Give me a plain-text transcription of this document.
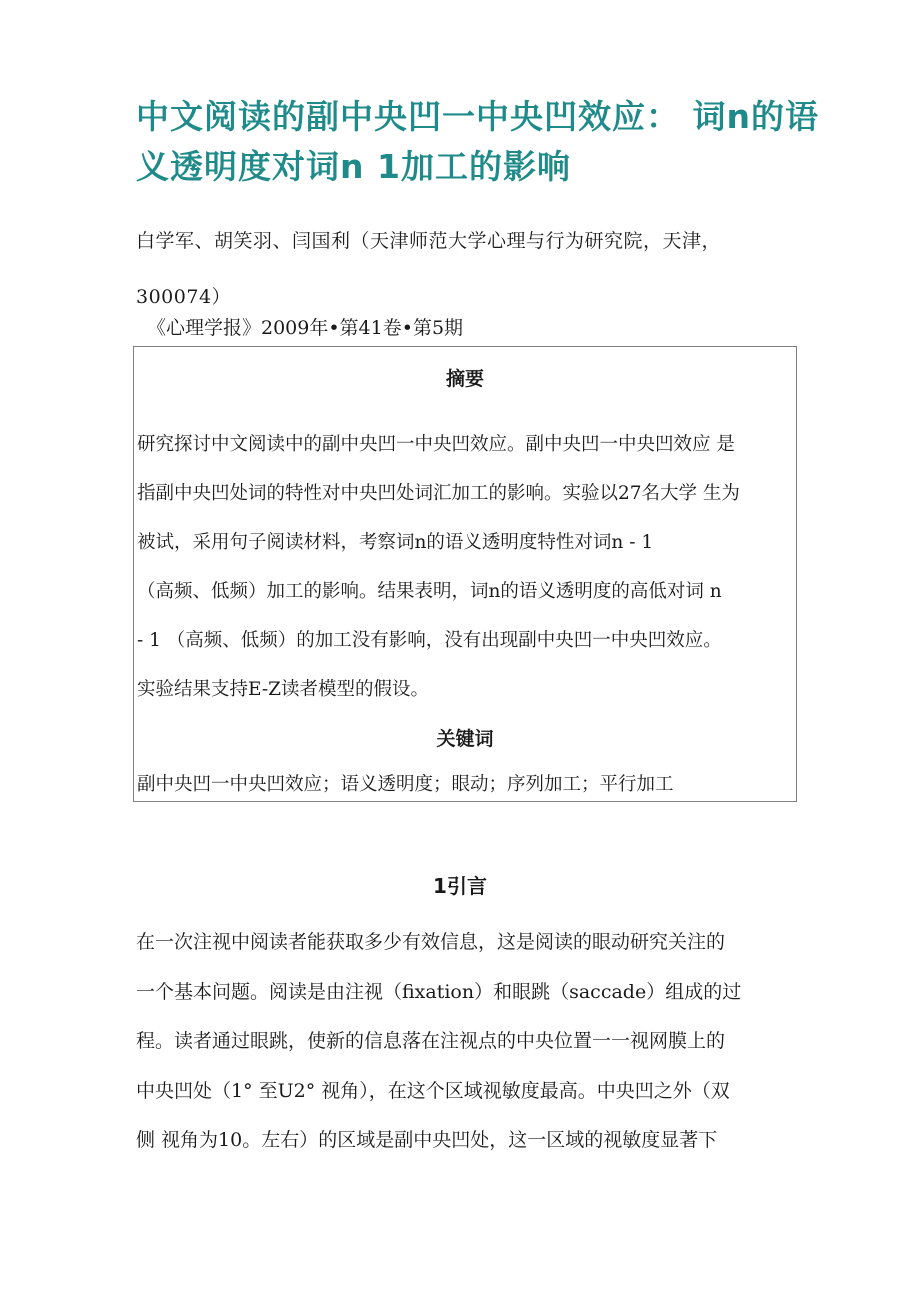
中文阅读的副中央凹一中央凹效应： 词n的语
义透明度对词n 1加工的影响
白学军、胡笑羽、闫国利（天津师范大学心理与行为研究院，天津，
300074）
《心理学报》2009年•第41卷•第5期
摘要
研究探讨中文阅读中的副中央凹一中央凹效应。副中央凹一中央凹效应 是
指副中央凹处词的特性对中央凹处词汇加工的影响。实验以27名大学 生为
被试，采用句子阅读材料，考察词n的语义透明度特性对词n - 1
（高频、低频）加工的影响。结果表明，词n的语义透明度的高低对词 n
- 1 （高频、低频）的加工没有影响，没有出现副中央凹一中央凹效应。
实验结果支持E-Z读者模型的假设。
关键词
副中央凹一中央凹效应；语义透明度；眼动；序列加工；平行加工
1引言
在一次注视中阅读者能获取多少有效信息，这是阅读的眼动研究关注的
一个基本问题。阅读是由注视（fixation）和眼跳（saccade）组成的过
程。读者通过眼跳，使新的信息落在注视点的中央位置一一视网膜上的
中央凹处（1° 至U2° 视角），在这个区域视敏度最高。中央凹之外（双
侧 视角为10。左右）的区域是副中央凹处，这一区域的视敏度显著下
